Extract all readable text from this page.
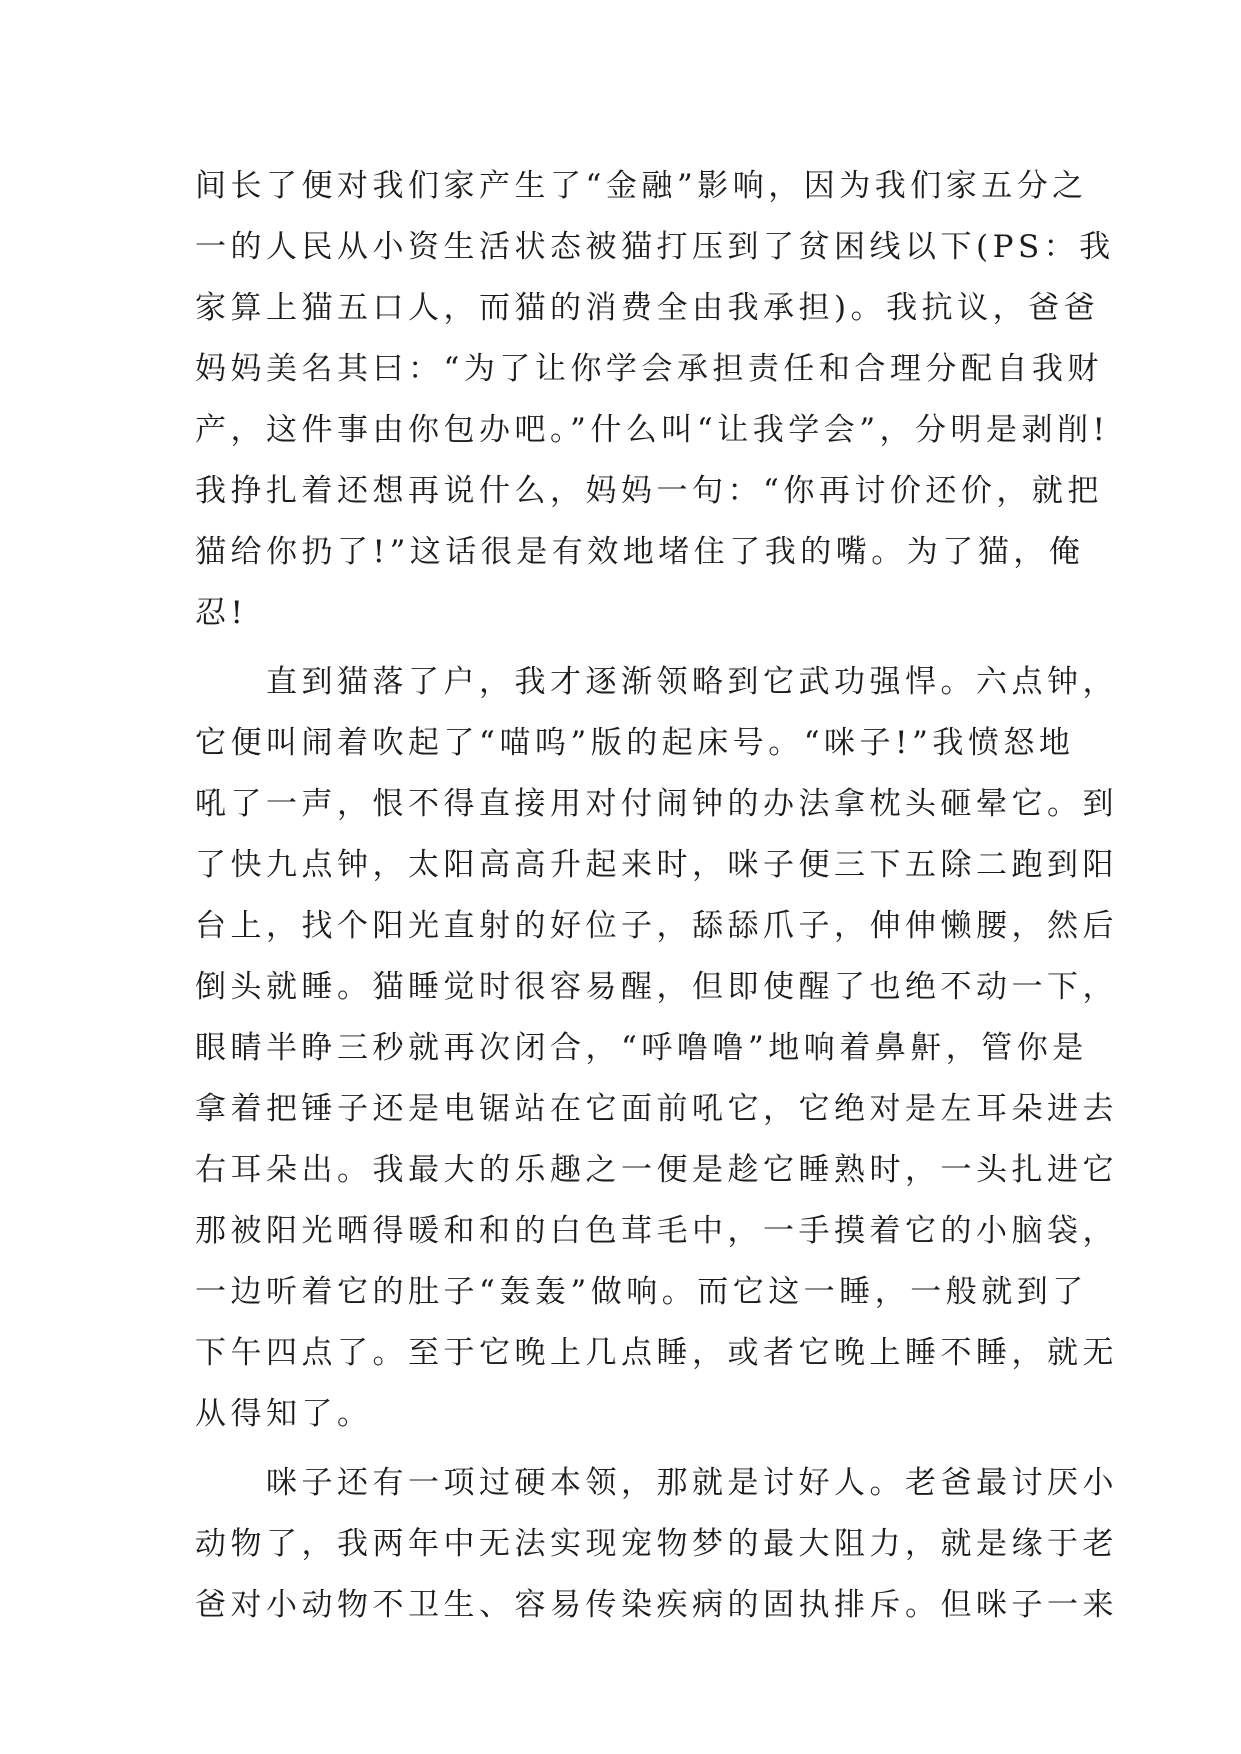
间长了便对我们家产生了“金融”影响，因为我们家五分之
一的人民从小资生活状态被猫打压到了贫困线以下(PS：我
家算上猫五口人，而猫的消费全由我承担)。我抗议，爸爸
妈妈美名其曰：“为了让你学会承担责任和合理分配自我财
产，这件事由你包办吧。”什么叫“让我学会”，分明是剥削!
我挣扎着还想再说什么，妈妈一句：“你再讨价还价，就把
猫给你扔了!”这话很是有效地堵住了我的嘴。为了猫，俺
忍!
　　直到猫落了户，我才逐渐领略到它武功强悍。六点钟，
它便叫闹着吹起了“喵呜”版的起床号。“咪子!”我愤怒地
吼了一声，恨不得直接用对付闹钟的办法拿枕头砸晕它。到
了快九点钟，太阳高高升起来时，咪子便三下五除二跑到阳
台上，找个阳光直射的好位子，舔舔爪子，伸伸懒腰，然后
倒头就睡。猫睡觉时很容易醒，但即使醒了也绝不动一下，
眼睛半睁三秒就再次闭合，“呼噜噜”地响着鼻鼾，管你是
拿着把锤子还是电锯站在它面前吼它，它绝对是左耳朵进去
右耳朵出。我最大的乐趣之一便是趁它睡熟时，一头扎进它
那被阳光晒得暖和和的白色茸毛中，一手摸着它的小脑袋，
一边听着它的肚子“轰轰”做响。而它这一睡，一般就到了
下午四点了。至于它晚上几点睡，或者它晚上睡不睡，就无
从得知了。
　　咪子还有一项过硬本领，那就是讨好人。老爸最讨厌小
动物了，我两年中无法实现宠物梦的最大阻力，就是缘于老
爸对小动物不卫生、容易传染疾病的固执排斥。但咪子一来
